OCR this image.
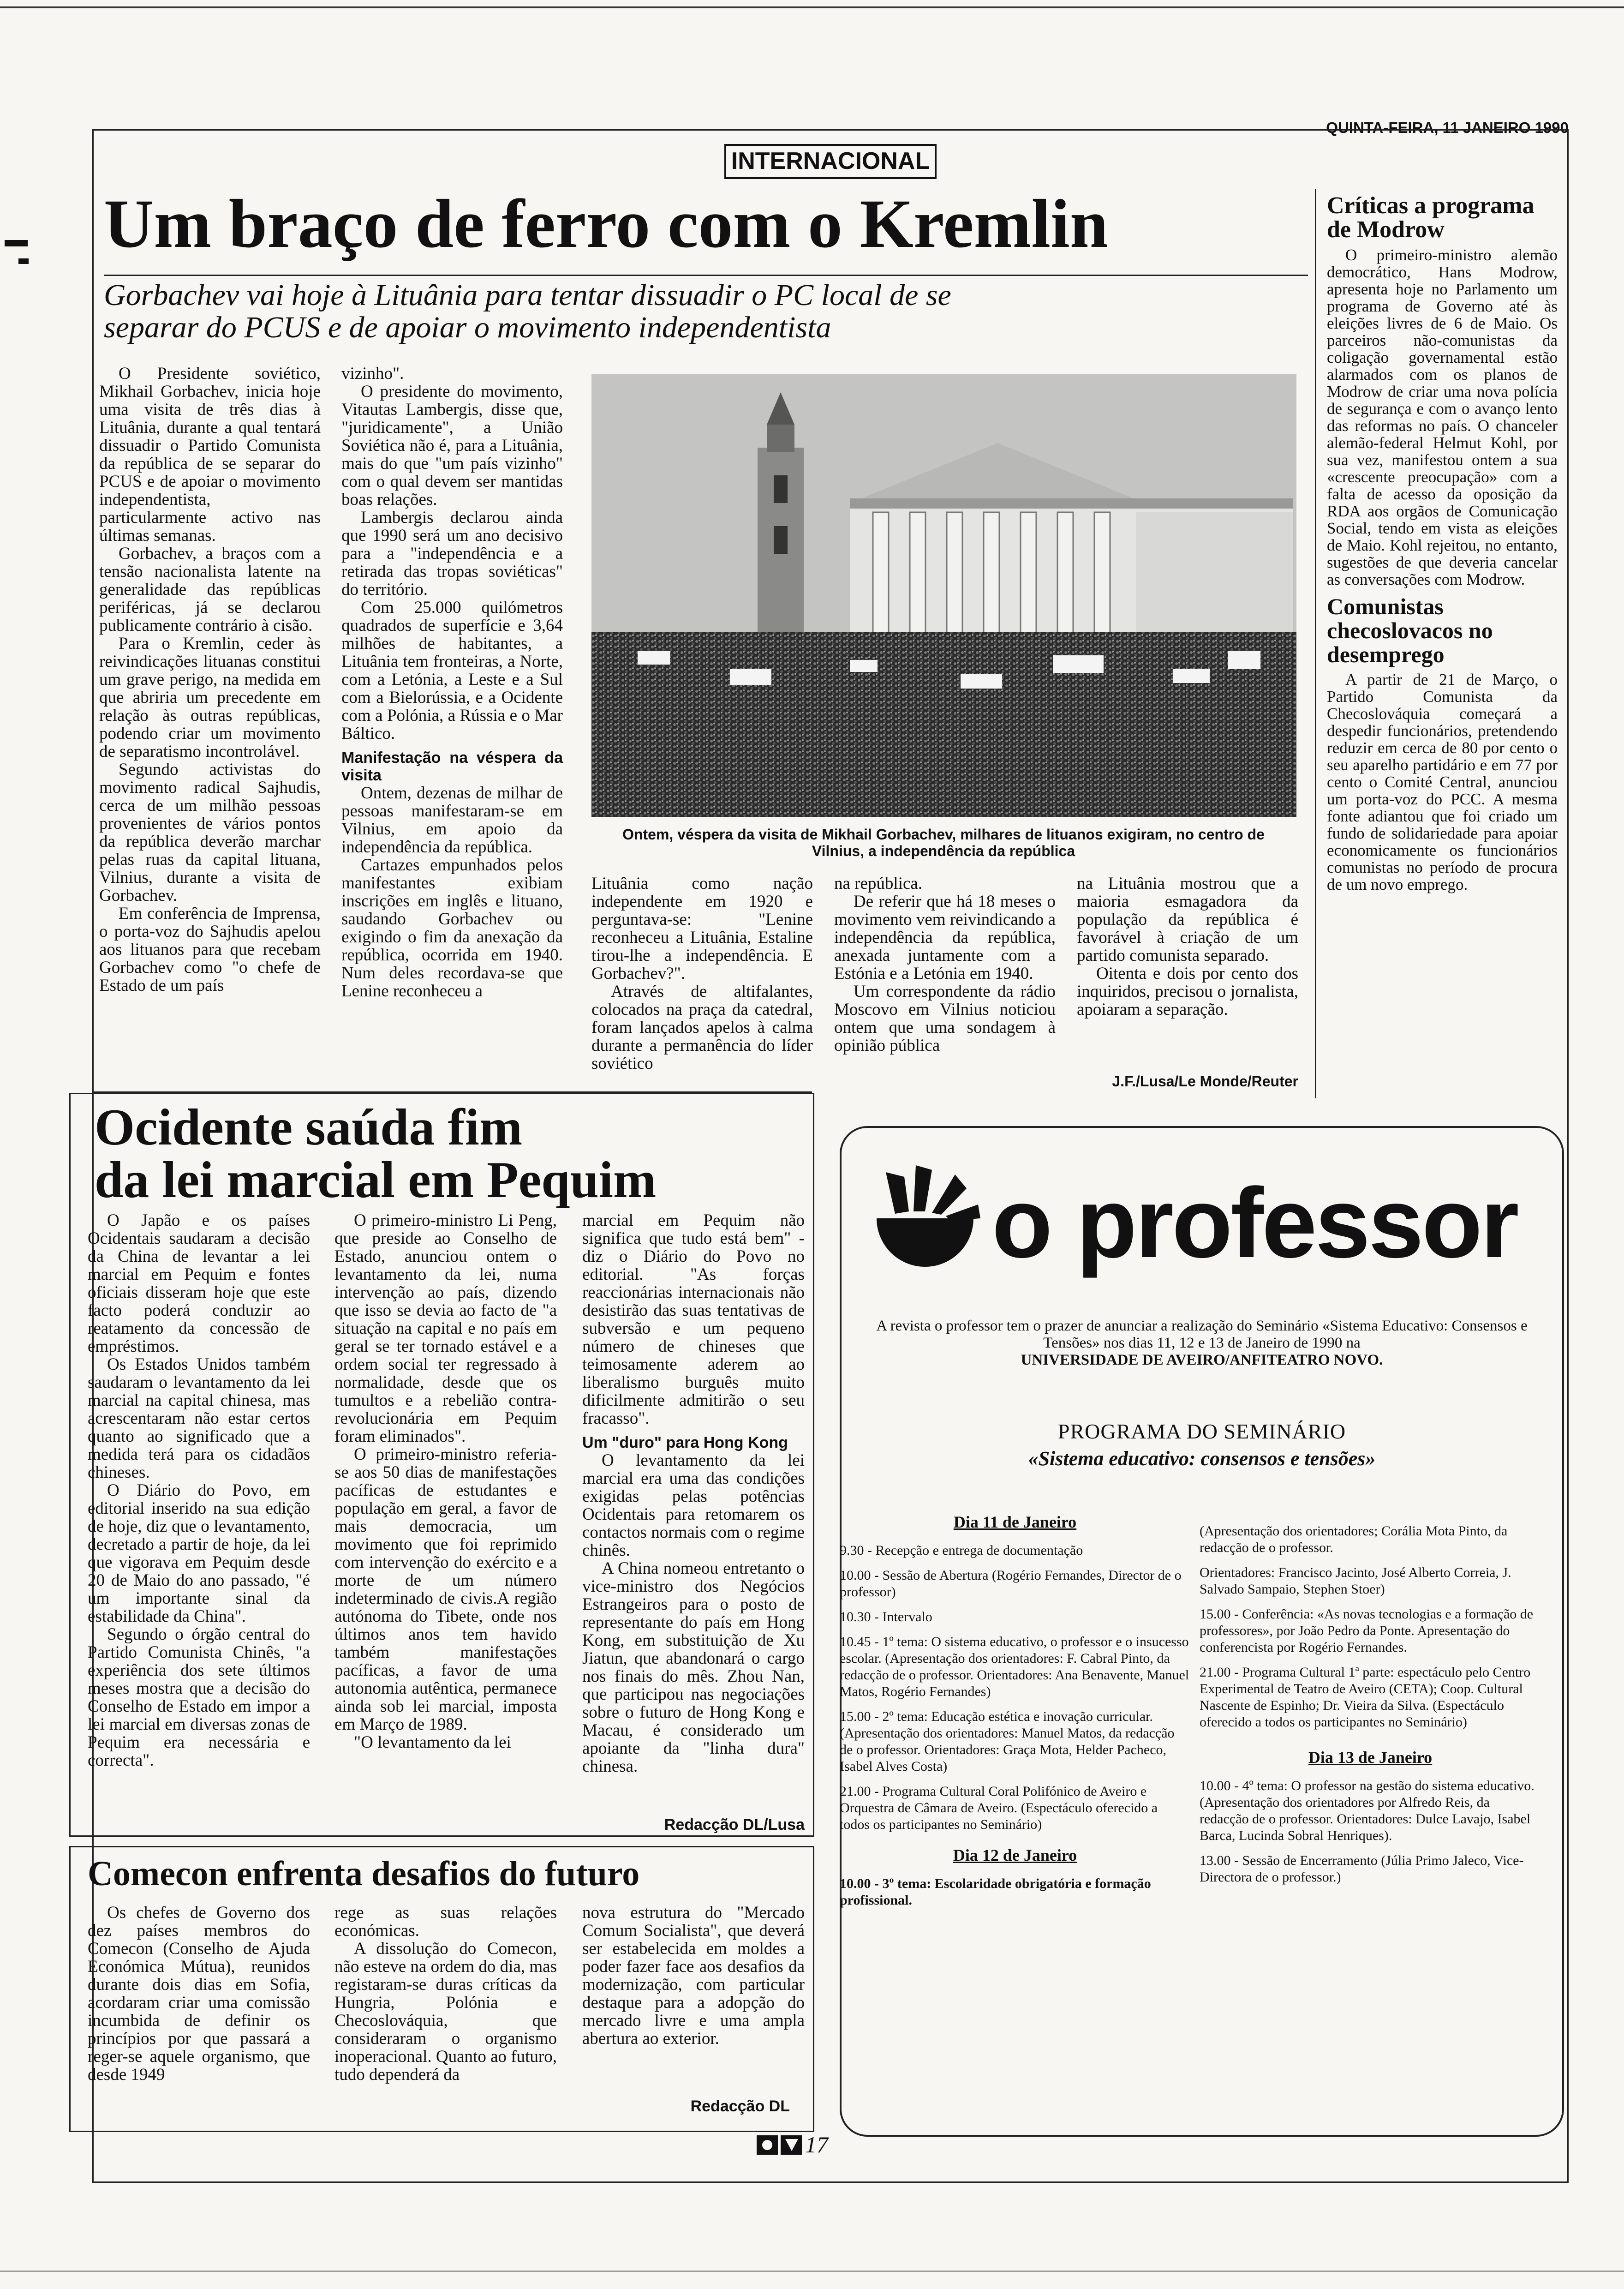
QUINTA-FEIRA, 11 JANEIRO 1990
INTERNACIONAL
Um braço de ferro com o Kremlin
Gorbachev vai hoje à Lituânia para tentar dissuadir o PC local de se separar do PCUS e de apoiar o movimento independentista

O Presidente soviético, Mikhail Gorbachev, inicia hoje uma visita de três dias à Lituânia, durante a qual tentará dissuadir o Partido Comunista da república de se separar do PCUS e de apoiar o movimento independentista, particularmente activo nas últimas semanas.

Gorbachev, a braços com a tensão nacionalista latente na generalidade das repúblicas periféricas, já se declarou publicamente contrário à cisão.

Para o Kremlin, ceder às reivindicações lituanas constitui um grave perigo, na medida em que abriria um precedente em relação às outras repúblicas, podendo criar um movimento de separatismo incontrolável.

Segundo activistas do movimento radical Sajhudis, cerca de um milhão pessoas provenientes de vários pontos da república deverão marchar pelas ruas da capital lituana, Vilnius, durante a visita de Gorbachev.

Em conferência de Imprensa, o porta-voz do Sajhudis apelou aos lituanos para que recebam Gorbachev como "o chefe de Estado de um país

vizinho".

O presidente do movimento, Vitautas Lambergis, disse que, "juridicamente", a União Soviética não é, para a Lituânia, mais do que "um país vizinho" com o qual devem ser mantidas boas relações.

Lambergis declarou ainda que 1990 será um ano decisivo para a "independência e a retirada das tropas soviéticas" do território.

Com 25.000 quilómetros quadrados de superfície e 3,64 milhões de habitantes, a Lituânia tem fronteiras, a Norte, com a Letónia, a Leste e a Sul com a Bielorússia, e a Ocidente com a Polónia, a Rússia e o Mar Báltico.

Manifestação na véspera da visita

Ontem, dezenas de milhar de pessoas manifestaram-se em Vilnius, em apoio da independência da república.

Cartazes empunhados pelos manifestantes exibiam inscrições em inglês e lituano, saudando Gorbachev ou exigindo o fim da anexação da república, ocorrida em 1940. Num deles recordava-se que Lenine reconheceu a

Ontem, véspera da visita de Mikhail Gorbachev, milhares de lituanos exigiram, no centro de Vilnius, a independência da república

Lituânia como nação independente em 1920 e perguntava-se: "Lenine reconheceu a Lituânia, Estaline tirou-lhe a independência. E Gorbachev?".

Através de altifalantes, colocados na praça da catedral, foram lançados apelos à calma durante a permanência do líder soviético

na república.

De referir que há 18 meses o movimento vem reivindicando a independência da república, anexada juntamente com a Estónia e a Letónia em 1940.

Um correspondente da rádio Moscovo em Vilnius noticiou ontem que uma sondagem à opinião pública

na Lituânia mostrou que a maioria esmagadora da população da república é favorável à criação de um partido comunista separado.

Oitenta e dois por cento dos inquiridos, precisou o jornalista, apoiaram a separação.

J.F./Lusa/Le Monde/Reuter
Críticas a programa de Modrow
O primeiro-ministro alemão democrático, Hans Modrow, apresenta hoje no Parlamento um programa de Governo até às eleições livres de 6 de Maio. Os parceiros não-comunistas da coligação governamental estão alarmados com os planos de Modrow de criar uma nova polícia de segurança e com o avanço lento das reformas no país. O chanceler alemão-federal Helmut Kohl, por sua vez, manifestou ontem a sua «crescente preocupação» com a falta de acesso da oposição da RDA aos orgãos de Comunicação Social, tendo em vista as eleições de Maio. Kohl rejeitou, no entanto, sugestões de que deveria cancelar as conversações com Modrow.
Comunistas checoslovacos no desemprego
A partir de 21 de Março, o Partido Comunista da Checoslováquia começará a despedir funcionários, pretendendo reduzir em cerca de 80 por cento o seu aparelho partidário e em 77 por cento o Comité Central, anunciou um porta-voz do PCC. A mesma fonte adiantou que foi criado um fundo de solidariedade para apoiar economicamente os funcionários comunistas no período de procura de um novo emprego.
Ocidente saúda fim
da lei marcial em Pequim

O Japão e os países Ocidentais saudaram a decisão da China de levantar a lei marcial em Pequim e fontes oficiais disseram hoje que este facto poderá conduzir ao reatamento da concessão de empréstimos.

Os Estados Unidos também saudaram o levantamento da lei marcial na capital chinesa, mas acrescentaram não estar certos quanto ao significado que a medida terá para os cidadãos chineses.

O Diário do Povo, em editorial inserido na sua edição de hoje, diz que o levantamento, decretado a partir de hoje, da lei que vigorava em Pequim desde 20 de Maio do ano passado, "é um importante sinal da estabilidade da China".

Segundo o órgão central do Partido Comunista Chinês, "a experiência dos sete últimos meses mostra que a decisão do Conselho de Estado em impor a lei marcial em diversas zonas de Pequim era necessária e correcta".

O primeiro-ministro Li Peng, que preside ao Conselho de Estado, anunciou ontem o levantamento da lei, numa intervenção ao país, dizendo que isso se devia ao facto de "a situação na capital e no país em geral se ter tornado estável e a ordem social ter regressado à normalidade, desde que os tumultos e a rebelião contra-revolucionária em Pequim foram eliminados".

O primeiro-ministro referia-se aos 50 dias de manifestações pacíficas de estudantes e população em geral, a favor de mais democracia, um movimento que foi reprimido com intervenção do exército e a morte de um número indeterminado de civis.A região autónoma do Tibete, onde nos últimos anos tem havido também manifestações pacíficas, a favor de uma autonomia autêntica, permanece ainda sob lei marcial, imposta em Março de 1989.

"O levantamento da lei

marcial em Pequim não significa que tudo está bem" - diz o Diário do Povo no editorial. "As forças reaccionárias internacionais não desistirão das suas tentativas de subversão e um pequeno número de chineses que teimosamente aderem ao liberalismo burguês muito dificilmente admitirão o seu fracasso".

Um "duro" para Hong Kong

O levantamento da lei marcial era uma das condições exigidas pelas potências Ocidentais para retomarem os contactos normais com o regime chinês.

A China nomeou entretanto o vice-ministro dos Negócios Estrangeiros para o posto de representante do país em Hong Kong, em substituição de Xu Jiatun, que abandonará o cargo nos finais do mês. Zhou Nan, que participou nas negociações sobre o futuro de Hong Kong e Macau, é considerado um apoiante da "linha dura" chinesa.

Redacção DL/Lusa
Comecon enfrenta desafios do futuro

Os chefes de Governo dos dez países membros do Comecon (Conselho de Ajuda Económica Mútua), reunidos durante dois dias em Sofia, acordaram criar uma comissão incumbida de definir os princípios por que passará a reger-se aquele organismo, que desde 1949

rege as suas relações económicas.

A dissolução do Comecon, não esteve na ordem do dia, mas registaram-se duras críticas da Hungria, Polónia e Checoslováquia, que consideraram o organismo inoperacional. Quanto ao futuro, tudo dependerá da

nova estrutura do "Mercado Comum Socialista", que deverá ser estabelecida em moldes a poder fazer face aos desafios da modernização, com particular destaque para a adopção do mercado livre e uma ampla abertura ao exterior.

Redacção DL
o professor
A revista o professor tem o prazer de anunciar a realização do Seminário «Sistema Educativo: Consensos e Tensões» nos dias 11, 12 e 13 de Janeiro de 1990 na
UNIVERSIDADE DE AVEIRO/ANFITEATRO NOVO.
PROGRAMA DO SEMINÁRIO
«Sistema educativo: consensos e tensões»
Dia 11 de Janeiro
9.30 - Recepção e entrega de documentação
10.00 - Sessão de Abertura (Rogério Fernandes, Director de o professor)
10.30 - Intervalo
10.45 - 1º tema: O sistema educativo, o professor e o insucesso escolar. (Apresentação dos orientadores: F. Cabral Pinto, da redacção de o professor. Orientadores: Ana Benavente, Manuel Matos, Rogério Fernandes)
15.00 - 2º tema: Educação estética e inovação curricular. (Apresentação dos orientadores: Manuel Matos, da redacção de o professor. Orientadores: Graça Mota, Helder Pacheco, Isabel Alves Costa)
21.00 - Programa Cultural Coral Polifónico de Aveiro e Orquestra de Câmara de Aveiro. (Espectáculo oferecido a todos os participantes no Seminário)
Dia 12 de Janeiro
10.00 - 3º tema: Escolaridade obrigatória e formação profissional.
(Apresentação dos orientadores; Corália Mota Pinto, da redacção de o professor.
Orientadores: Francisco Jacinto, José Alberto Correia, J. Salvado Sampaio, Stephen Stoer)
15.00 - Conferência: «As novas tecnologias e a formação de professores», por João Pedro da Ponte. Apresentação do conferencista por Rogério Fernandes.
21.00 - Programa Cultural 1ª parte: espectáculo pelo Centro Experimental de Teatro de Aveiro (CETA); Coop. Cultural Nascente de Espinho; Dr. Vieira da Silva. (Espectáculo oferecido a todos os participantes no Seminário)
Dia 13 de Janeiro
10.00 - 4º tema: O professor na gestão do sistema educativo. (Apresentação dos orientadores por Alfredo Reis, da redacção de o professor. Orientadores: Dulce Lavajo, Isabel Barca, Lucinda Sobral Henriques).
13.00 - Sessão de Encerramento (Júlia Primo Jaleco, Vice-Directora de o professor.)
17
